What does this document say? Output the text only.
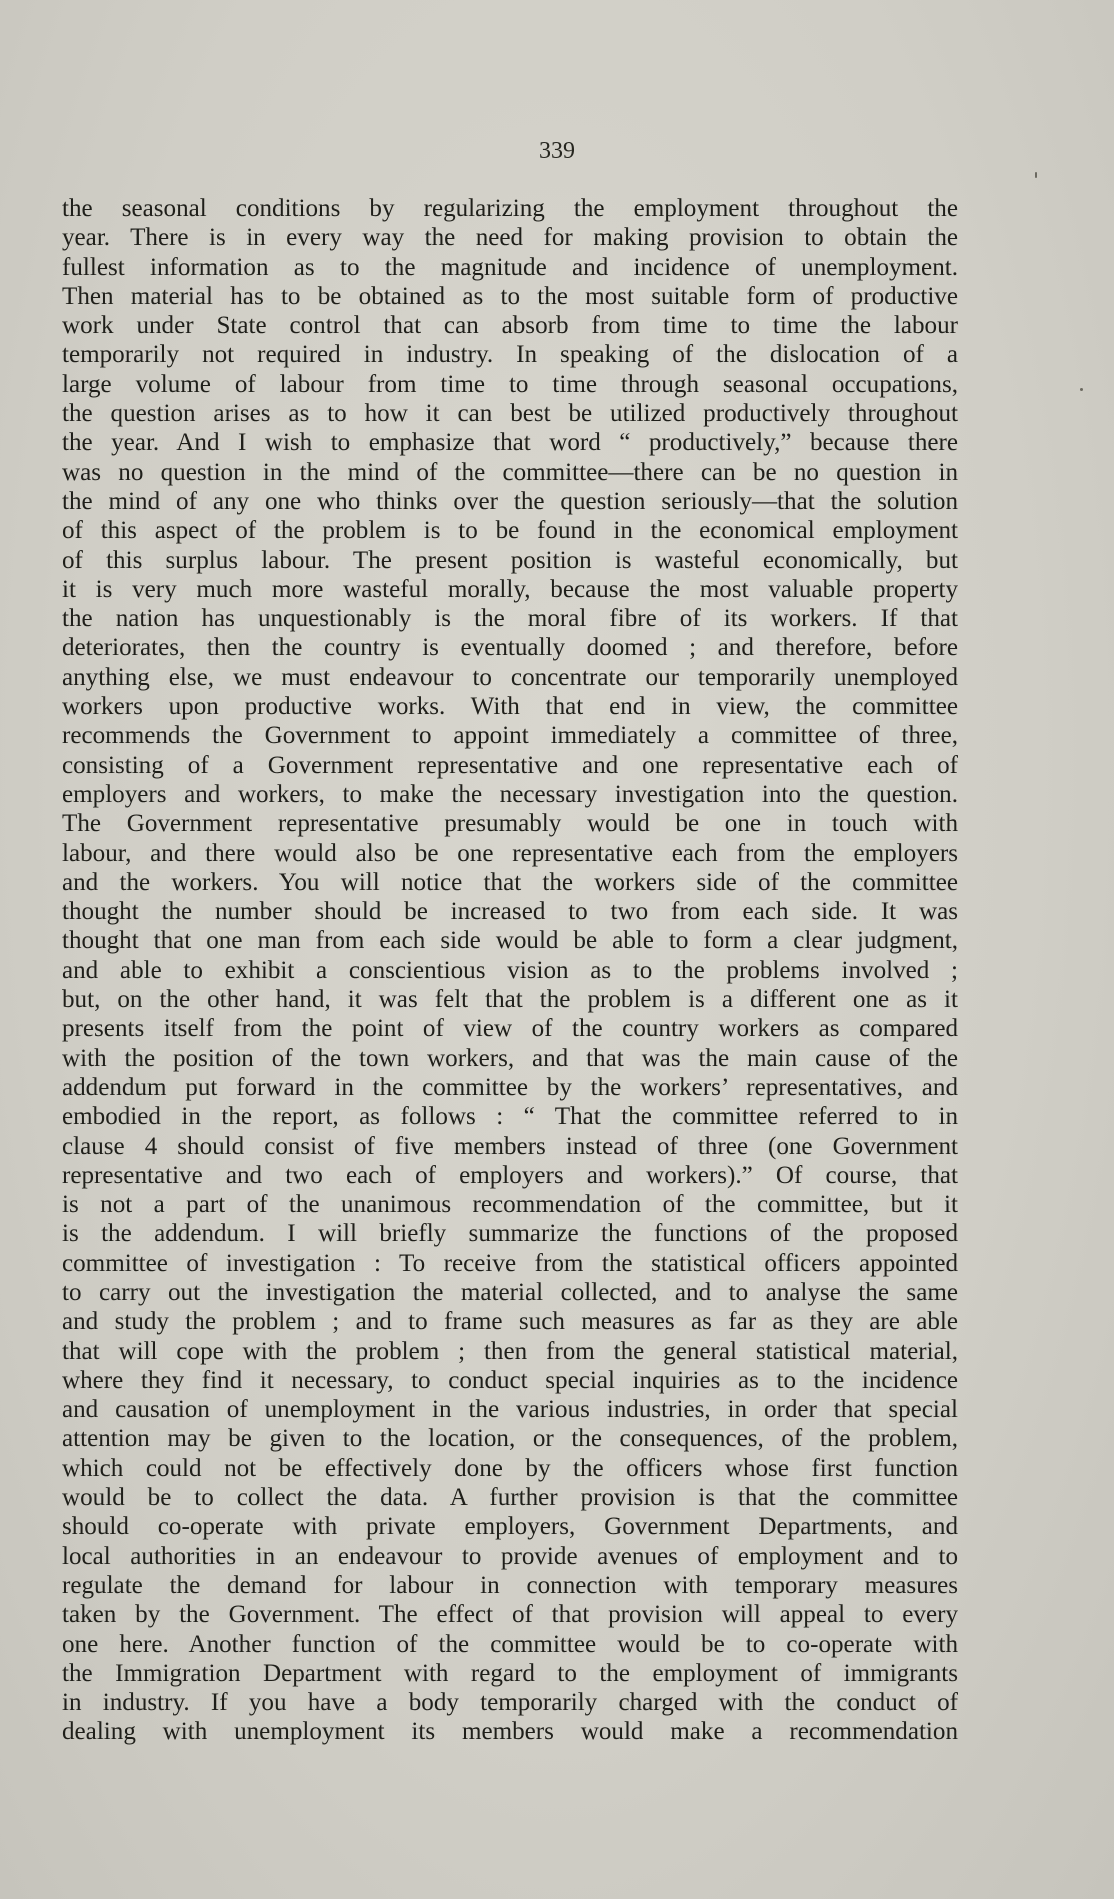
339
the seasonal conditions by regularizing the employment throughout the
year. There is in every way the need for making provision to obtain the
fullest information as to the magnitude and incidence of unemployment.
Then material has to be obtained as to the most suitable form of productive
work under State control that can absorb from time to time the labour
temporarily not required in industry. In speaking of the dislocation of a
large volume of labour from time to time through seasonal occupations,
the question arises as to how it can best be utilized productively throughout
the year. And I wish to emphasize that word “ productively,” because there
was no question in the mind of the committee—there can be no question in
the mind of any one who thinks over the question seriously—that the solution
of this aspect of the problem is to be found in the economical employment
of this surplus labour. The present position is wasteful economically, but
it is very much more wasteful morally, because the most valuable property
the nation has unquestionably is the moral fibre of its workers. If that
deteriorates, then the country is eventually doomed ; and therefore, before
anything else, we must endeavour to concentrate our temporarily unemployed
workers upon productive works. With that end in view, the committee
recommends the Government to appoint immediately a committee of three,
consisting of a Government representative and one representative each of
employers and workers, to make the necessary investigation into the question.
The Government representative presumably would be one in touch with
labour, and there would also be one representative each from the employers
and the workers. You will notice that the workers side of the committee
thought the number should be increased to two from each side. It was
thought that one man from each side would be able to form a clear judgment,
and able to exhibit a conscientious vision as to the problems involved ;
but, on the other hand, it was felt that the problem is a different one as it
presents itself from the point of view of the country workers as compared
with the position of the town workers, and that was the main cause of the
addendum put forward in the committee by the workers’ representatives, and
embodied in the report, as follows : “ That the committee referred to in
clause 4 should consist of five members instead of three (one Government
representative and two each of employers and workers).” Of course, that
is not a part of the unanimous recommendation of the committee, but it
is the addendum. I will briefly summarize the functions of the proposed
committee of investigation : To receive from the statistical officers appointed
to carry out the investigation the material collected, and to analyse the same
and study the problem ; and to frame such measures as far as they are able
that will cope with the problem ; then from the general statistical material,
where they find it necessary, to conduct special inquiries as to the incidence
and causation of unemployment in the various industries, in order that special
attention may be given to the location, or the consequences, of the problem,
which could not be effectively done by the officers whose first function
would be to collect the data. A further provision is that the committee
should co-operate with private employers, Government Departments, and
local authorities in an endeavour to provide avenues of employment and to
regulate the demand for labour in connection with temporary measures
taken by the Government. The effect of that provision will appeal to every
one here. Another function of the committee would be to co-operate with
the Immigration Department with regard to the employment of immigrants
in industry. If you have a body temporarily charged with the conduct of
dealing with unemployment its members would make a recommendation
